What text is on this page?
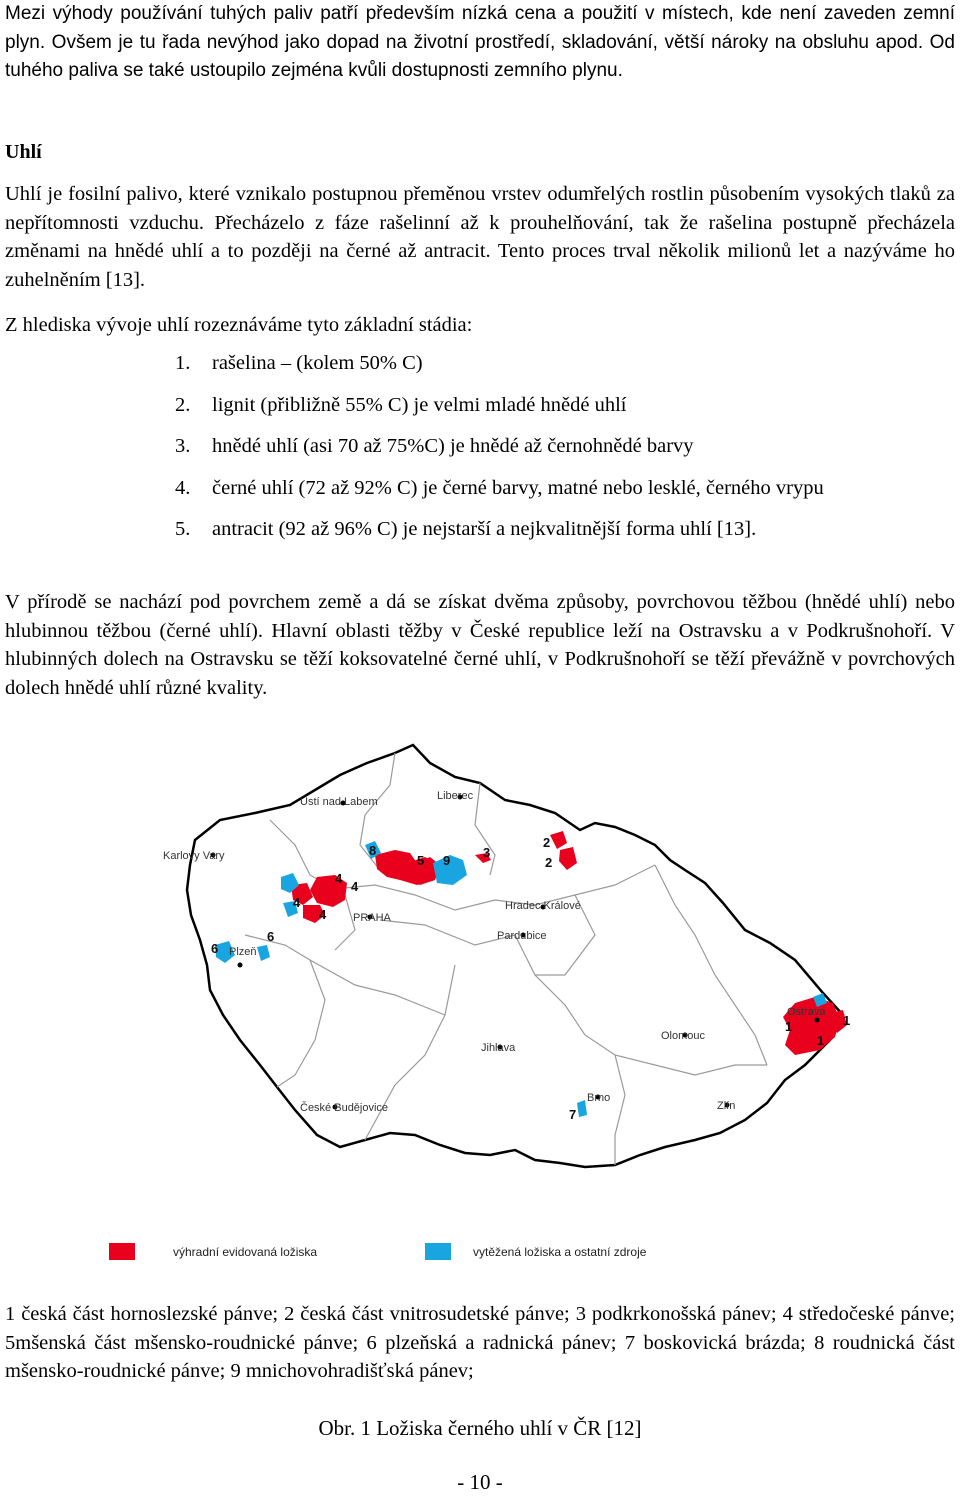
Mezi výhody používání tuhých paliv patří především nízká cena a použití v místech, kde není zaveden zemní plyn. Ovšem je tu řada nevýhod jako dopad na životní prostředí, skladování, větší nároky na obsluhu apod. Od tuhého paliva se také ustoupilo zejména kvůli dostupnosti zemního plynu.
Uhlí
Uhlí je fosilní palivo, které vznikalo postupnou přeměnou vrstev odumřelých rostlin působením vysokých tlaků za nepřítomnosti vzduchu. Přecházelo z fáze rašelinní až k prouhelňování, tak že rašelina postupně přecházela změnami na hnědé uhlí a to později na černé až antracit. Tento proces trval několik milionů let a nazýváme ho zuhelněním [13].
Z hlediska vývoje uhlí rozeznáváme tyto základní stádia:
1.	rašelina – (kolem 50% C)
2.	lignit (přibližně 55% C) je velmi mladé hnědé uhlí
3.	hnědé uhlí (asi 70 až 75%C) je hnědé až černohnědé barvy
4.	černé uhlí (72 až 92% C) je černé barvy, matné nebo lesklé, černého vrypu
5.	antracit (92 až 96% C) je nejstarší a nejkvalitnější forma uhlí [13].
V přírodě se nachází pod povrchem země a dá se získat dvěma způsoby, povrchovou těžbou (hnědé uhlí) nebo hlubinnou těžbou (černé uhlí). Hlavní oblasti těžby v České republice leží na Ostravsku a v Podkrušnohoří. V hlubinných dolech na Ostravsku se těží koksovatelné černé uhlí, v Podkrušnohoří se těží převážně v povrchových dolech hnědé uhlí různé kvality.
Ústí nad Labem	Liberec
Karlovy Vary
PRAHA
Hradec Králové
Pardubice
Plzeň
Ostrava
Olomouc
Jihlava
České Budějovice
Brno
Zlín
8
5 9
3
2
2
4
4
4
4
6
6
1
1
1
7
výhradní evidovaná ložiska	vytěžená ložiska a ostatní zdroje
1 česká část hornoslezské pánve; 2 česká část vnitrosudetské pánve; 3 podkrkonošská pánev; 4 středočeské pánve; 5mšenská část mšensko-roudnické pánve; 6 plzeňská a radnická pánev; 7 boskovická brázda; 8 roudnická část mšensko-roudnické pánve; 9 mnichovohradišťská pánev;
Obr. 1 Ložiska černého uhlí v ČR [12]
- 10 -
